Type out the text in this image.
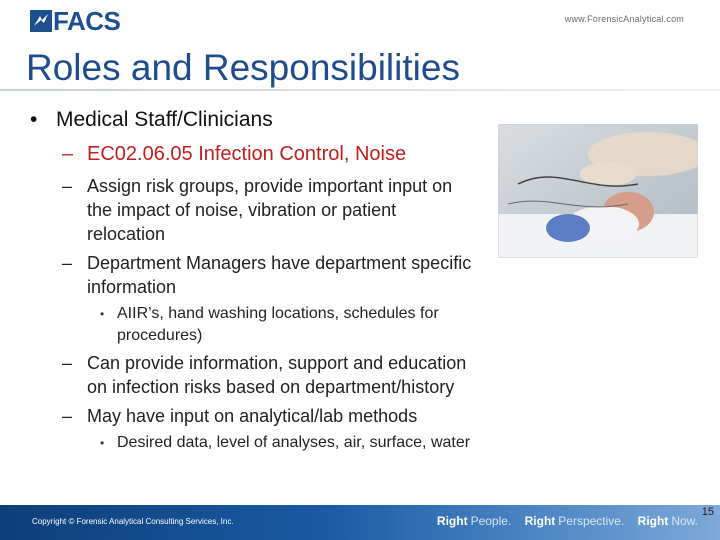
FACS	www.ForensicAnalytical.com
Roles and Responsibilities
• Medical Staff/Clinicians
– EC02.06.05 Infection Control, Noise
– Assign risk groups, provide important input on
the impact of noise, vibration or patient
relocation
– Department Managers have department specific
information
• AIIR’s, hand washing locations, schedules for
procedures)
– Can provide information, support and education
on infection risks based on department/history
– May have input on analytical/lab methods
• Desired data, level of analyses, air, surface, water
Copyright © Forensic Analytical Consulting Services, Inc.	Right People. Right Perspective. Right Now.
15
